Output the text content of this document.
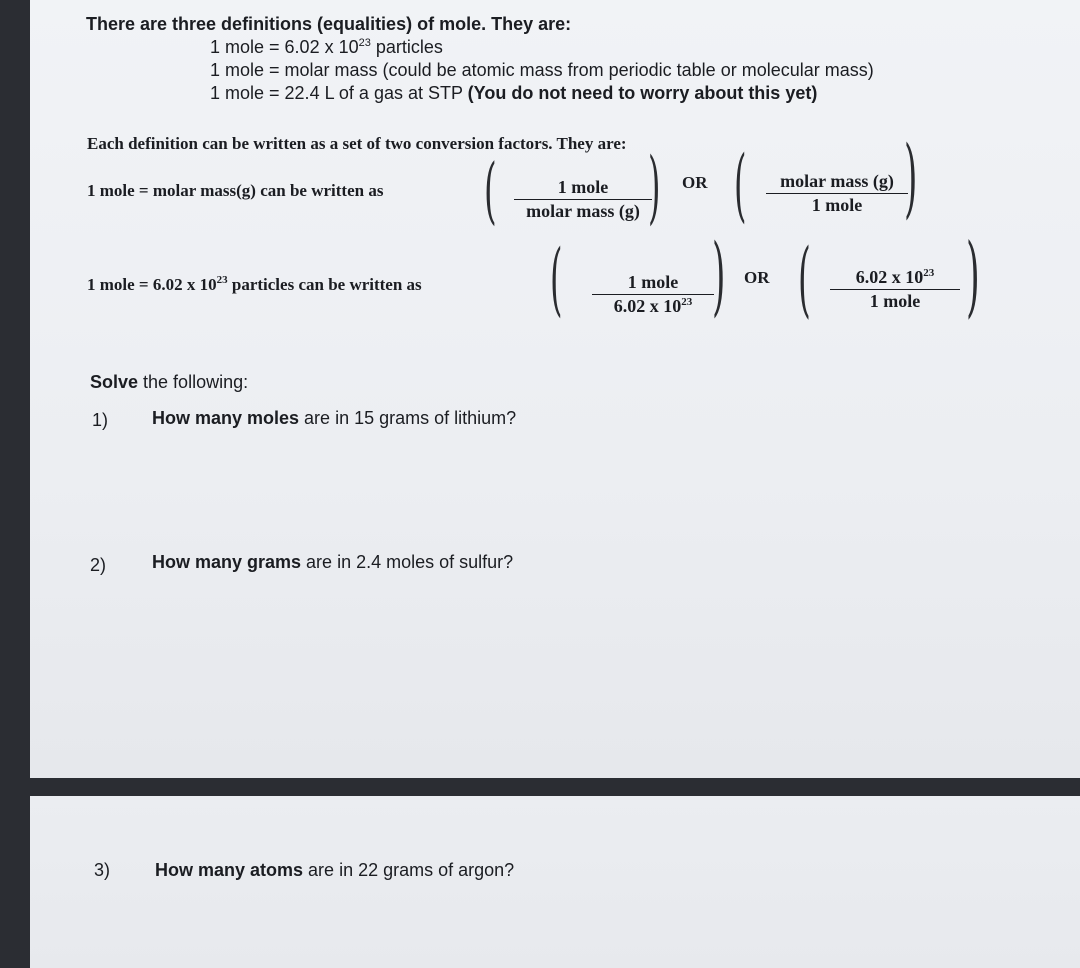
There are three definitions (equalities) of mole. They are:
1 mole = 6.02 x $10^{23}$ particles
1 mole = molar mass (could be atomic mass from periodic table or molecular mass)
1 mole = 22.4 L of a gas at STP (You do not need to worry about this yet)
Each definition can be written as a set of two conversion factors. They are:
1 mole = molar mass(g) can be written as (	1 mole
molar mass (g) ) OR (	molar mass (g)
1 mole )
1 mole = 6.02 x $10^{23}$ particles can be written as (	1 mole
6.02 x $10^{23}$ ) OR (	6.02 x $10^{23}$
1 mole )
Solve the following:
1) How many moles are in 15 grams of lithium?
2)	How many grams are in 2.4 moles of sulfur?
3) How many atoms are in 22 grams of argon?
